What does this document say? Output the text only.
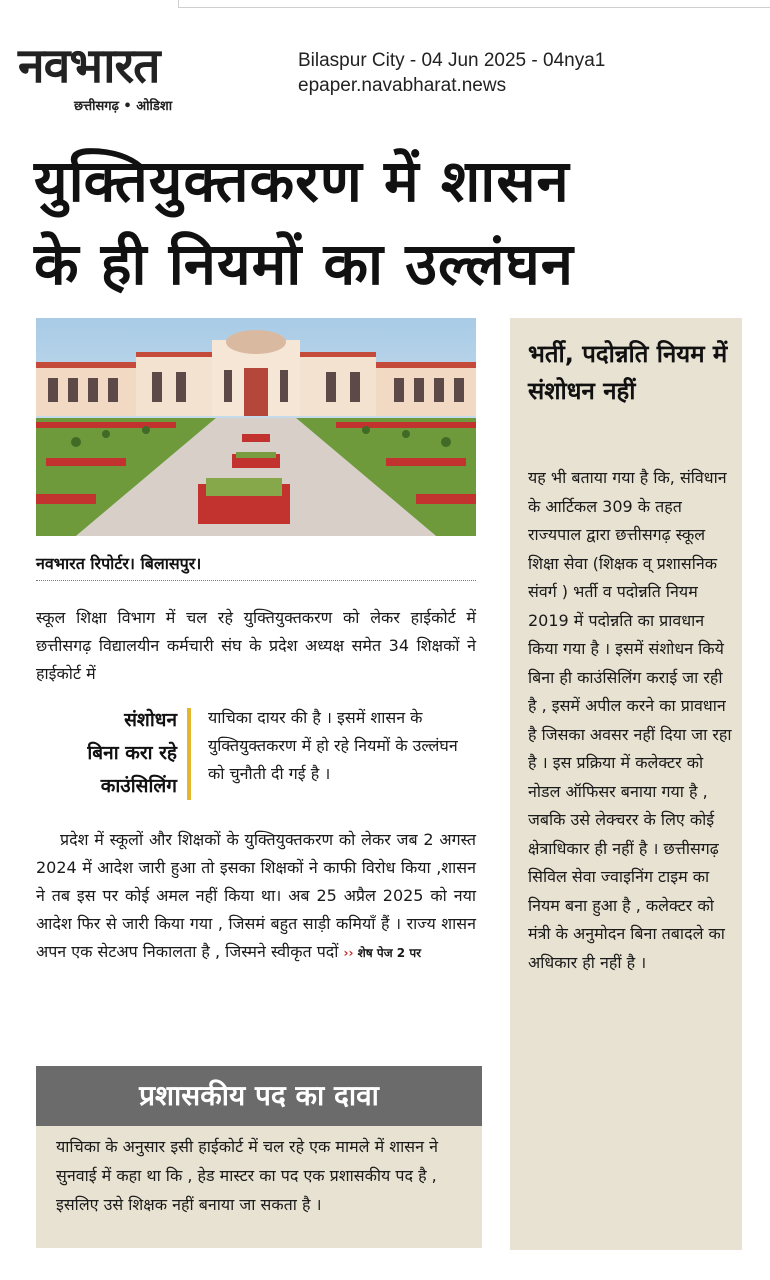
नवभारत
छत्तीसगढ़ • ओडिशा
Bilaspur City - 04 Jun 2025 - 04nya1
epaper.navabharat.news
युक्तियुक्तकरण में शासन
के ही नियमों का उल्लंघन
नवभारत रिपोर्टर। बिलासपुर।
स्कूल शिक्षा विभाग में चल रहे युक्तियुक्तकरण को लेकर हाईकोर्ट में छत्तीसगढ़ विद्यालयीन कर्मचारी संघ के प्रदेश अध्यक्ष समेत 34 शिक्षकों ने हाईकोर्ट में
संशोधन
बिना करा रहे
काउंसिलिंग
याचिका दायर की है । इसमें शासन के युक्तियुक्तकरण में हो रहे नियमों के उल्लंघन को चुनौती दी गई है ।
प्रदेश में स्कूलों और शिक्षकों के युक्तियुक्तकरण को लेकर जब 2 अगस्त 2024 में आदेश जारी हुआ तो इसका शिक्षकों ने काफी विरोध किया ,शासन ने तब इस पर कोई अमल नहीं किया था। अब 25 अप्रैल 2025 को नया आदेश फिर से जारी किया गया , जिसमं बहुत साड़ी कमियाँ हैं । राज्य शासन अपन एक सेटअप निकालता है , जिस्मने स्वीकृत पदों ›› शेष पेज 2 पर
प्रशासकीय पद का दावा
याचिका के अनुसार इसी हाईकोर्ट में चल रहे एक मामले में शासन ने सुनवाई में कहा था कि , हेड मास्टर का पद एक प्रशासकीय पद है , इसलिए उसे शिक्षक नहीं बनाया जा सकता है ।
भर्ती, पदोन्नति नियम में संशोधन नहीं
यह भी बताया गया है कि, संविधान के आर्टिकल 309 के तहत राज्यपाल द्वारा छत्तीसगढ़ स्कूल शिक्षा सेवा (शिक्षक व् प्रशासनिक संवर्ग ) भर्ती व पदोन्नति नियम 2019 में पदोन्नति का प्रावधान किया गया है । इसमें संशोधन किये बिना ही काउंसिलिंग कराई जा रही है , इसमें अपील करने का प्रावधान है जिसका अवसर नहीं दिया जा रहा है । इस प्रक्रिया में कलेक्टर को नोडल ऑफिसर बनाया गया है , जबकि उसे लेक्चरर के लिए कोई क्षेत्राधिकार ही नहीं है । छत्तीसगढ़ सिविल सेवा ज्वाइनिंग टाइम का नियम बना हुआ है , कलेक्टर को मंत्री के अनुमोदन बिना तबादले का अधिकार ही नहीं है ।
